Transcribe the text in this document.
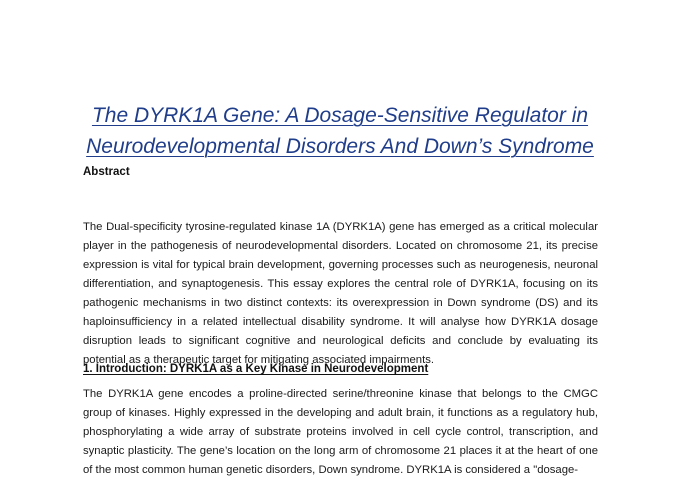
The DYRK1A Gene: A Dosage-Sensitive Regulator in Neurodevelopmental Disorders And Down’s Syndrome
Abstract

The Dual-specificity tyrosine-regulated kinase 1A (DYRK1A) gene has emerged as a critical molecular player in the pathogenesis of neurodevelopmental disorders. Located on chromosome 21, its precise expression is vital for typical brain development, governing processes such as neurogenesis, neuronal differentiation, and synaptogenesis. This essay explores the central role of DYRK1A, focusing on its pathogenic mechanisms in two distinct contexts: its overexpression in Down syndrome (DS) and its haploinsufficiency in a related intellectual disability syndrome. It will analyse how DYRK1A dosage disruption leads to significant cognitive and neurological deficits and conclude by evaluating its potential as a therapeutic target for mitigating associated impairments.

1. Introduction: DYRK1A as a Key Kinase in Neurodevelopment

The DYRK1A gene encodes a proline-directed serine/threonine kinase that belongs to the CMGC group of kinases. Highly expressed in the developing and adult brain, it functions as a regulatory hub, phosphorylating a wide array of substrate proteins involved in cell cycle control, transcription, and synaptic plasticity. The gene’s location on the long arm of chromosome 21 places it at the heart of one of the most common human genetic disorders, Down syndrome. DYRK1A is considered a "dosage-
